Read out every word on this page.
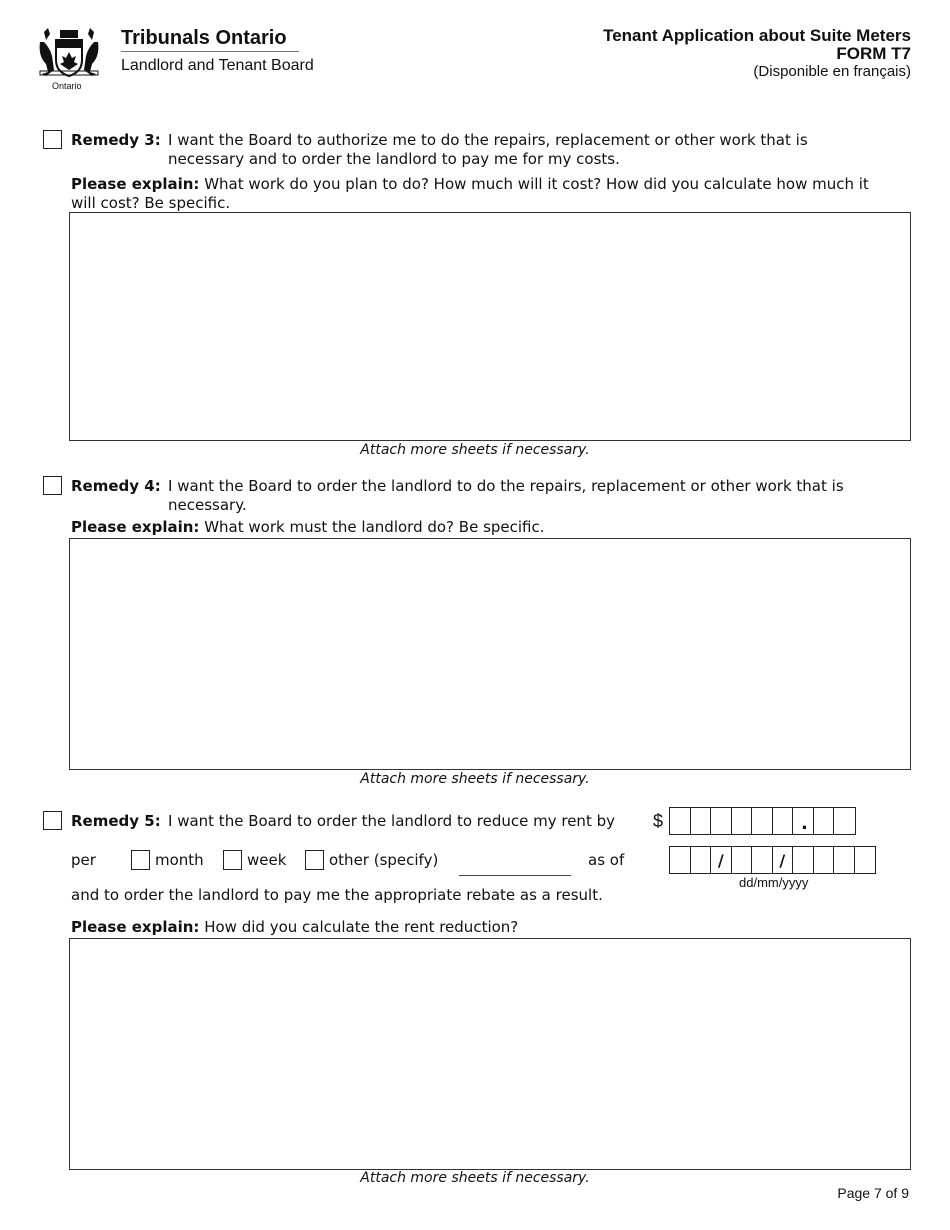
Ontario
Tribunals Ontario
Landlord and Tenant Board
Tenant Application about Suite Meters
FORM T7
(Disponible en français)
Remedy 3: I want the Board to authorize me to do the repairs, replacement or other work that is
necessary and to order the landlord to pay me for my costs.
Please explain: What work do you plan to do? How much will it cost? How did you calculate how much it
will cost? Be specific.
Attach more sheets if necessary.
Remedy 4: I want the Board to order the landlord to do the repairs, replacement or other work that is
necessary.
Please explain: What work must the landlord do? Be specific.
Attach more sheets if necessary.
Remedy 5: I want the Board to order the landlord to reduce my rent by $	.
per	month	week	other (specify)	as of	/	/
dd/mm/yyyy
and to order the landlord to pay me the appropriate rebate as a result.
Please explain: How did you calculate the rent reduction?
Attach more sheets if necessary.
Page 7 of 9
